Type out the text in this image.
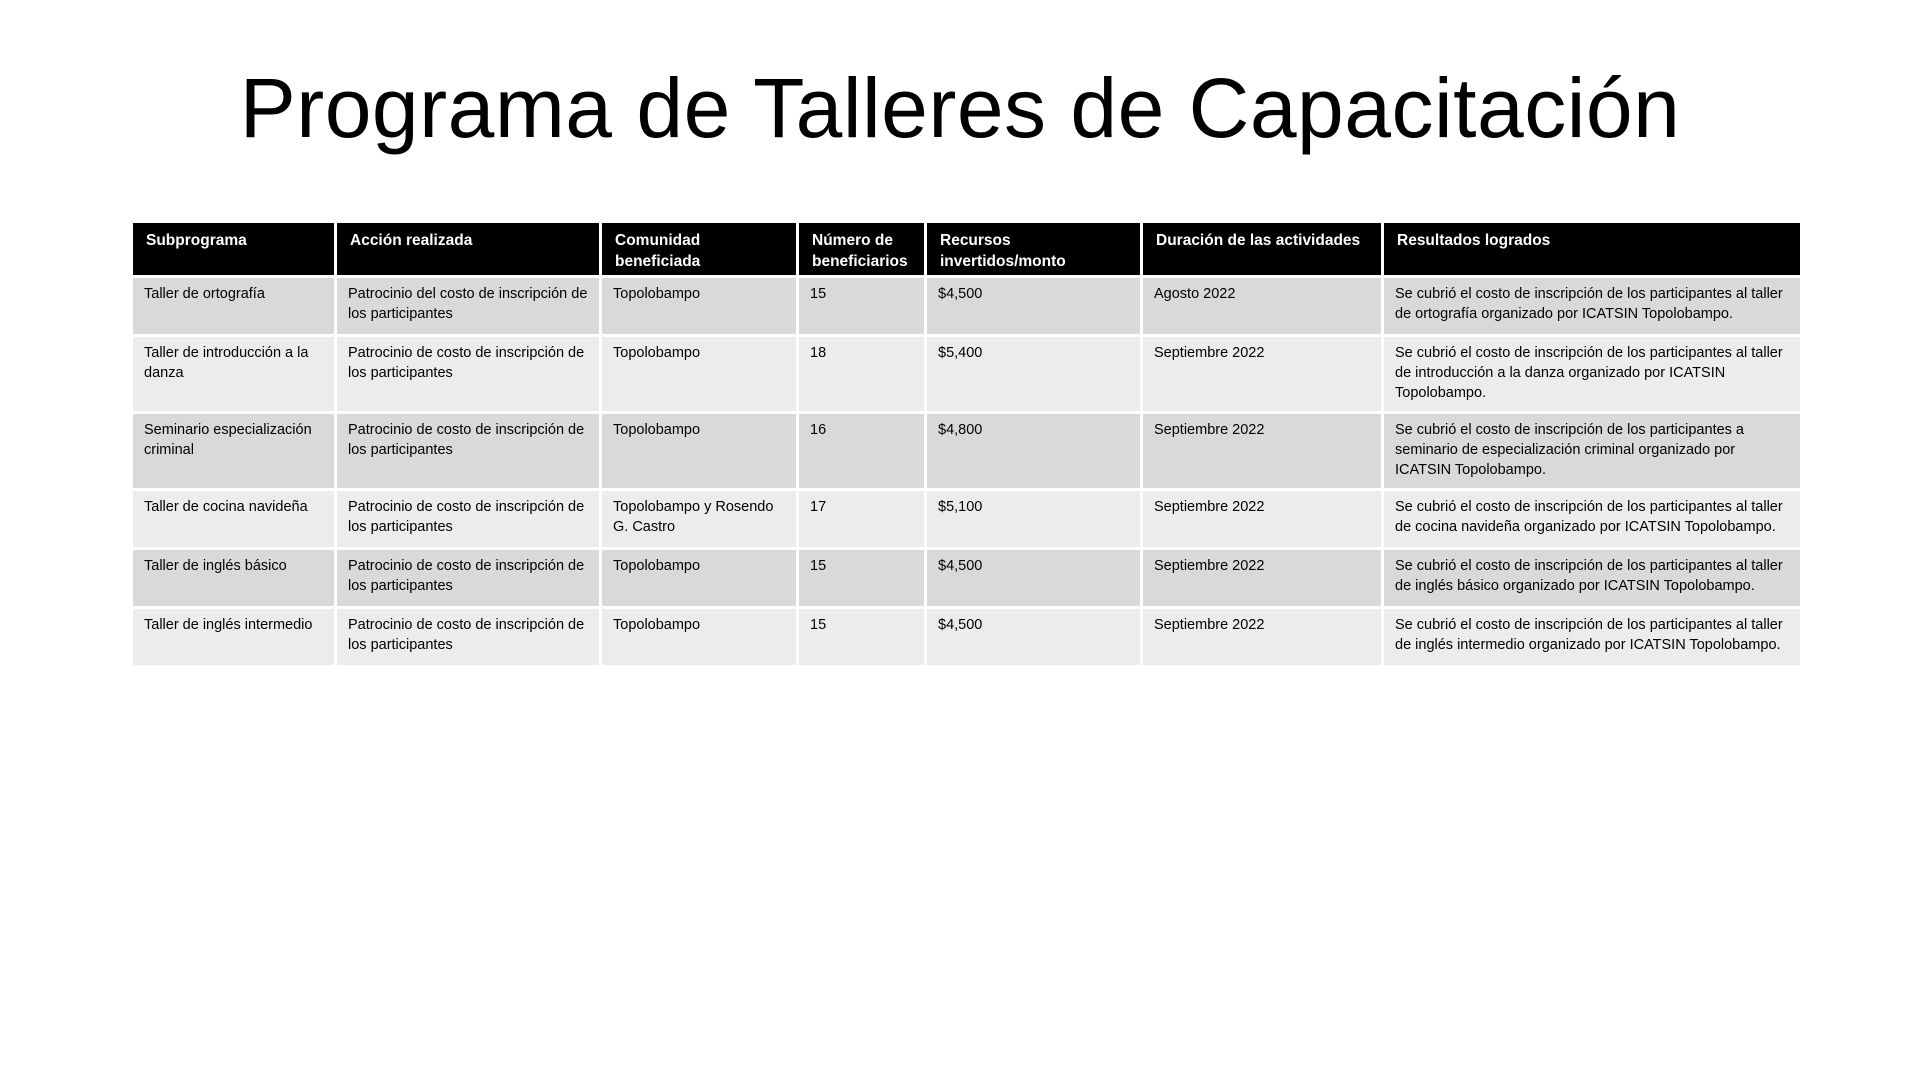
Programa de Talleres de Capacitación
Subprograma	Acción realizada	Comunidad beneficiada	Número de beneficiarios	Recursos invertidos/monto	Duración de las actividades	Resultados logrados
Taller de ortografía	Patrocinio del costo de inscripción de los participantes	Topolobampo	15	$4,500	Agosto 2022	Se cubrió el costo de inscripción de los participantes al taller de ortografía organizado por ICATSIN Topolobampo.
Taller de introducción a la danza	Patrocinio de costo de inscripción de los participantes	Topolobampo	18	$5,400	Septiembre 2022	Se cubrió el costo de inscripción de los participantes al taller de introducción a la danza organizado por ICATSIN Topolobampo.
Seminario especialización criminal	Patrocinio de costo de inscripción de los participantes	Topolobampo	16	$4,800	Septiembre 2022	Se cubrió el costo de inscripción de los participantes a seminario de especialización criminal organizado por ICATSIN Topolobampo.
Taller de cocina navideña	Patrocinio de costo de inscripción de los participantes	Topolobampo y Rosendo G. Castro	17	$5,100	Septiembre 2022	Se cubrió el costo de inscripción de los participantes al taller de cocina navideña organizado por ICATSIN Topolobampo.
Taller de inglés básico	Patrocinio de costo de inscripción de los participantes	Topolobampo	15	$4,500	Septiembre 2022	Se cubrió el costo de inscripción de los participantes al taller de inglés básico organizado por ICATSIN Topolobampo.
Taller de inglés intermedio	Patrocinio de costo de inscripción de los participantes	Topolobampo	15	$4,500	Septiembre 2022	Se cubrió el costo de inscripción de los participantes al taller de inglés intermedio organizado por ICATSIN Topolobampo.
